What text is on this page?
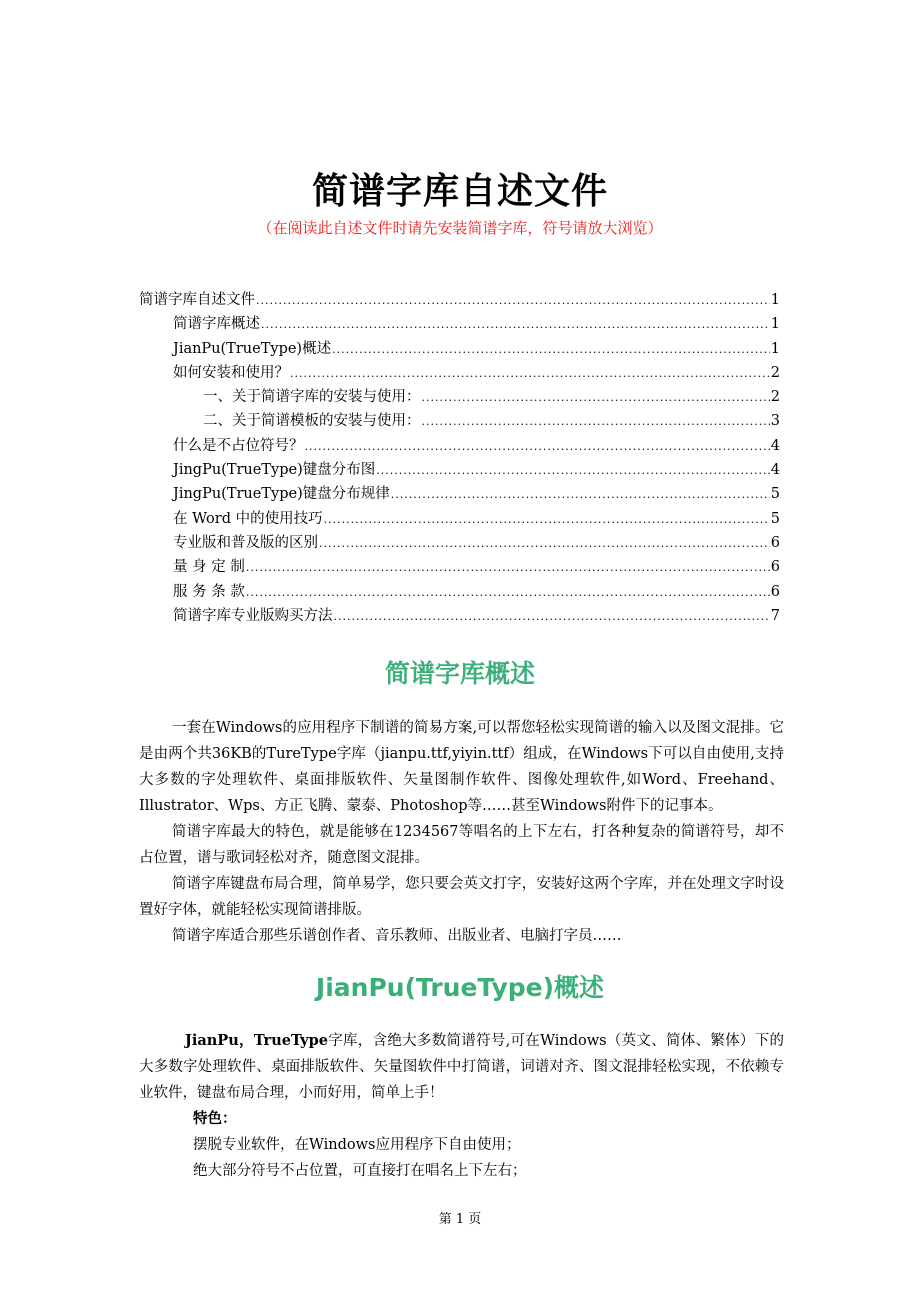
简谱字库自述文件
（在阅读此自述文件时请先安装简谱字库，符号请放大浏览）
简谱字库自述文件 .....	1
简谱字库概述 .....	1
JianPu(TrueType)概述 .....	1
如何安装和使用？ .....	2
一、关于简谱字库的安装与使用： .....	2
二、关于简谱模板的安装与使用： .....	3
什么是不占位符号？ .....	4
JingPu(TrueType)键盘分布图 .....	4
JingPu(TrueType)键盘分布规律 .....	5
在 Word 中的使用技巧 .....	5
专业版和普及版的区别 .....	6
量 身 定 制 .....	6
服 务 条 款 .....	6
简谱字库专业版购买方法 .....	7
简谱字库概述

一套在Windows的应用程序下制谱的简易方案,可以帮您轻松实现简谱的输入以及图文混排。它是由两个共36KB的TureType字库（jianpu.ttf,yiyin.ttf）组成，在Windows下可以自由使用,支持大多数的字处理软件、桌面排版软件、矢量图制作软件、图像处理软件,如Word、Freehand、Illustrator、Wps、方正飞腾、蒙泰、Photoshop等……甚至Windows附件下的记事本。

简谱字库最大的特色，就是能够在1234567等唱名的上下左右，打各种复杂的简谱符号，却不占位置，谱与歌词轻松对齐，随意图文混排。

简谱字库键盘布局合理，简单易学，您只要会英文打字，安装好这两个字库，并在处理文字时设置好字体，就能轻松实现简谱排版。

简谱字库适合那些乐谱创作者、音乐教师、出版业者、电脑打字员……

JianPu(TrueType)概述

JianPu，TrueType字库，含绝大多数简谱符号,可在Windows（英文、简体、繁体）下的大多数字处理软件、桌面排版软件、矢量图软件中打简谱，词谱对齐、图文混排轻松实现，不依赖专业软件，键盘布局合理，小而好用，简单上手！

特色：
摆脱专业软件，在Windows应用程序下自由使用；
绝大部分符号不占位置，可直接打在唱名上下左右；
第 1 页
